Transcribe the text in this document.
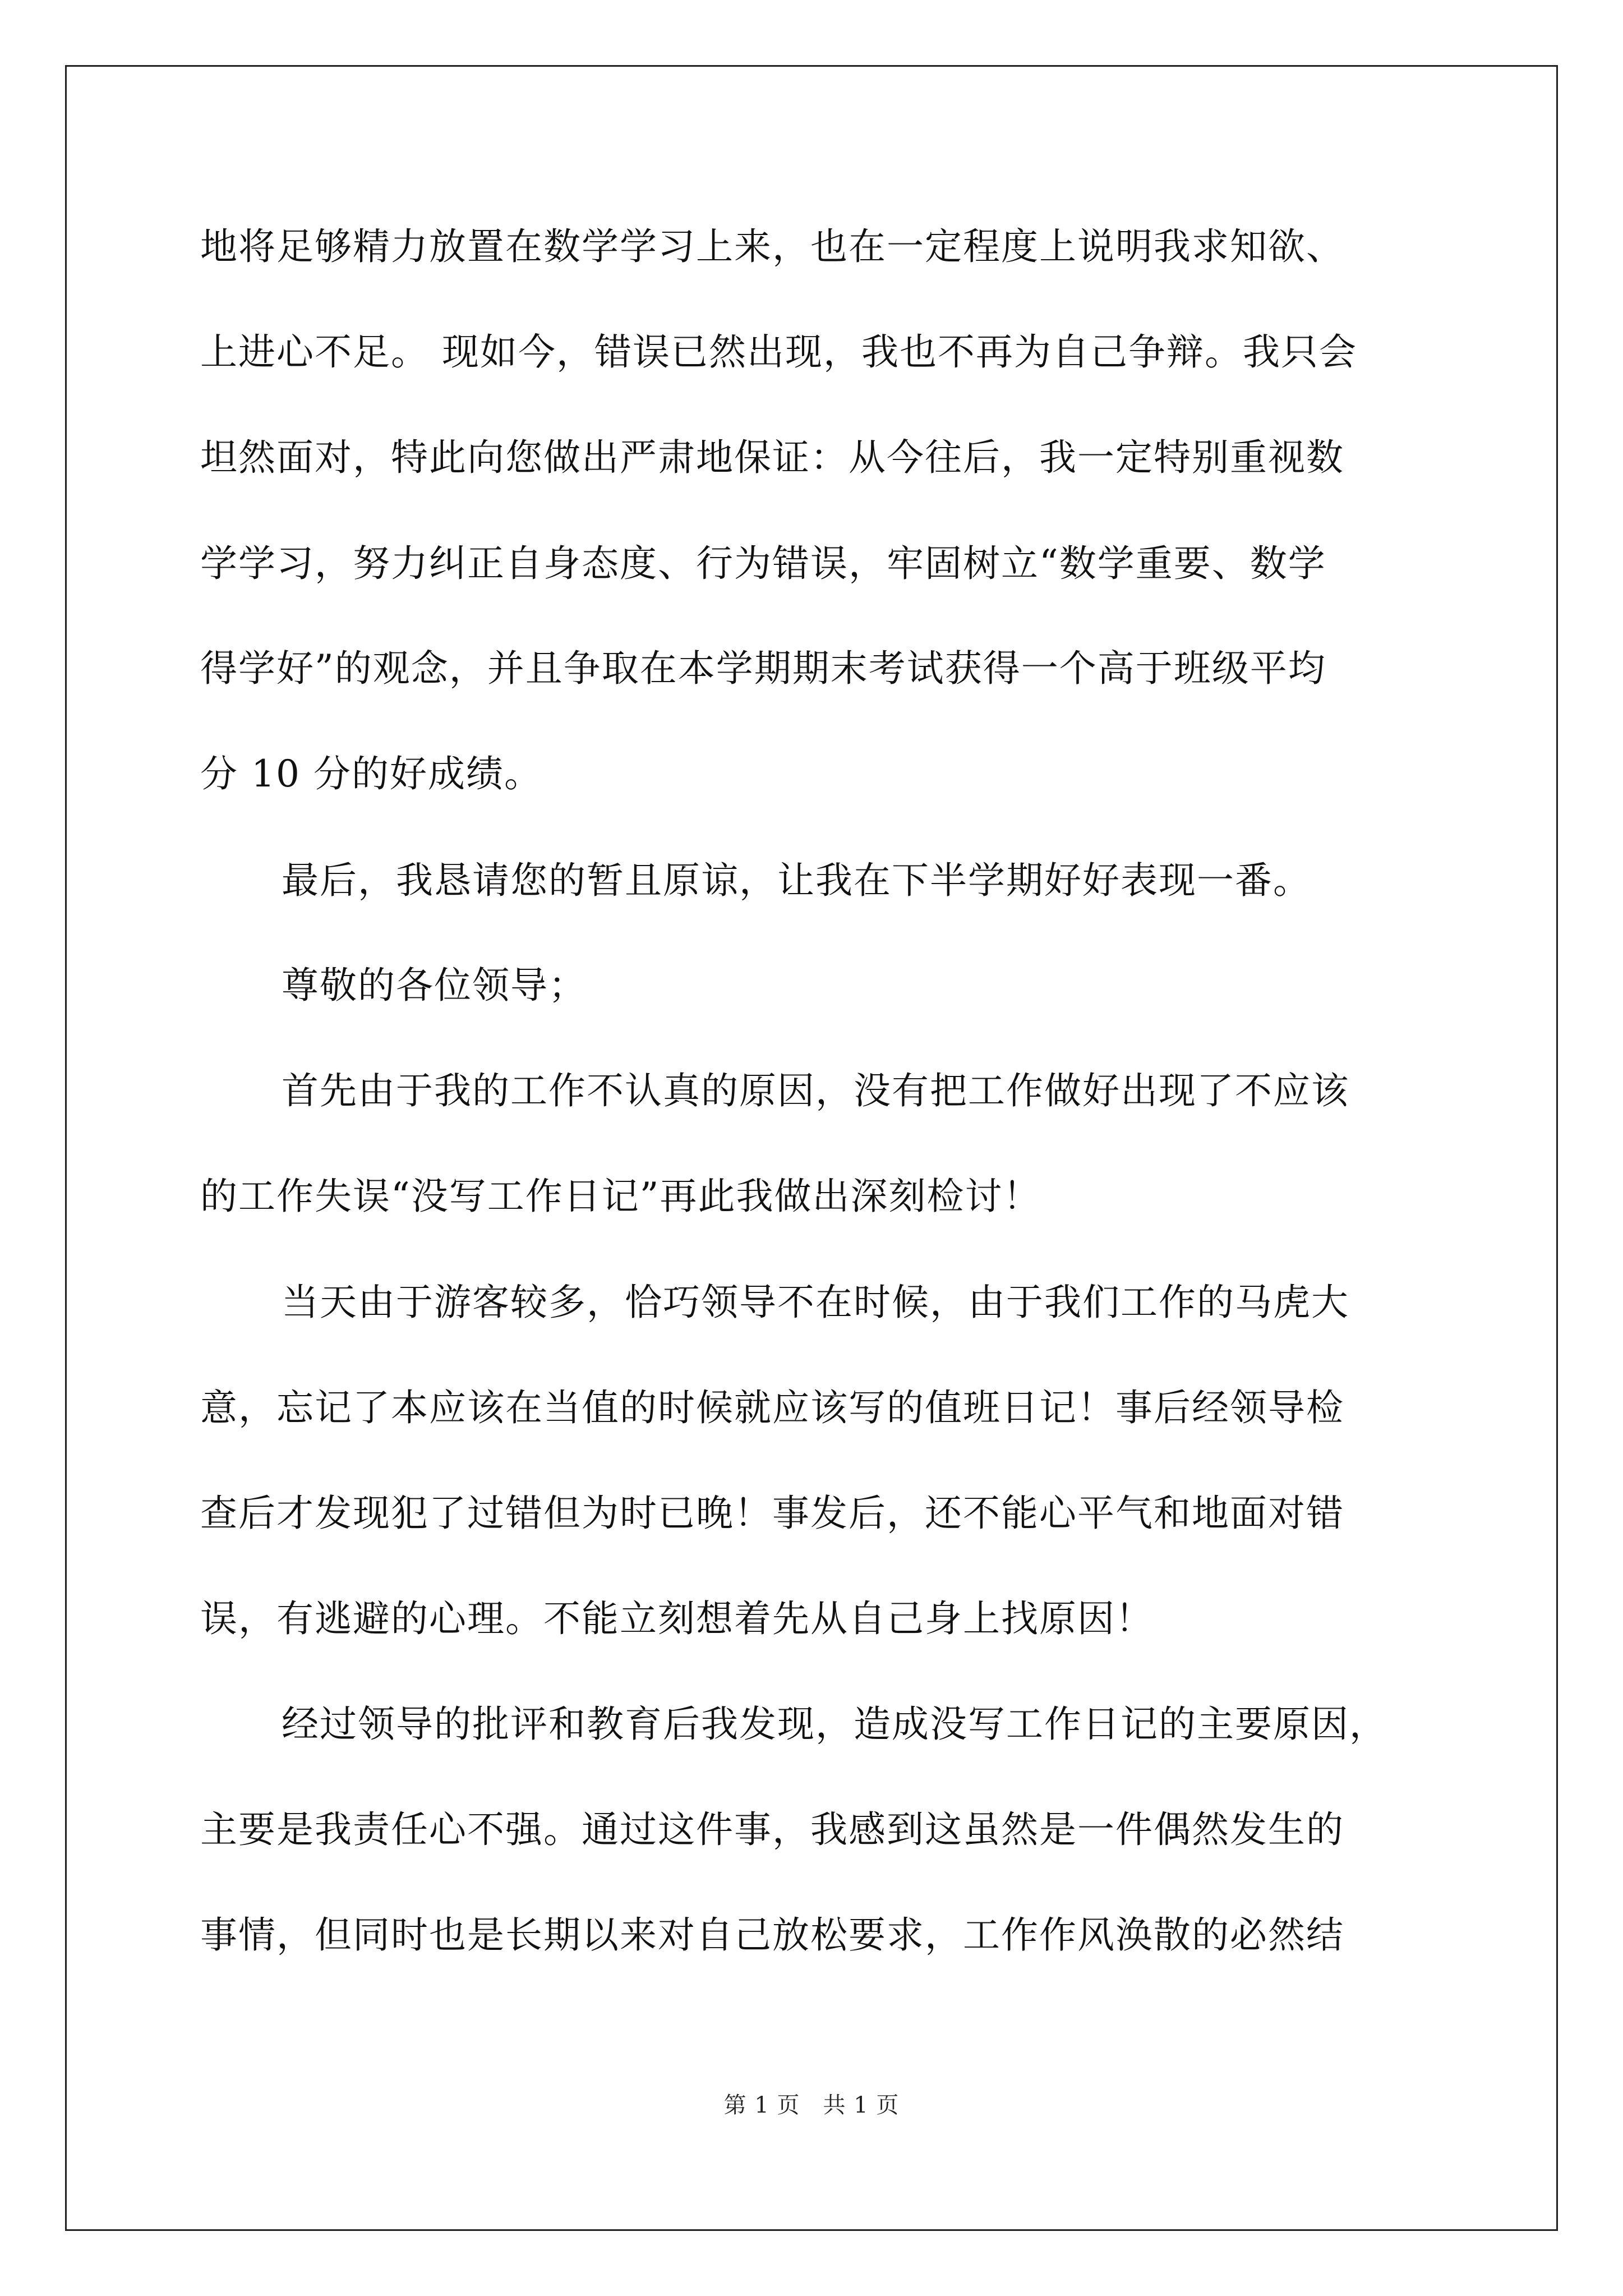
地将足够精力放置在数学学习上来，也在一定程度上说明我求知欲、
上进心不足。 现如今，错误已然出现，我也不再为自己争辩。我只会
坦然面对，特此向您做出严肃地保证：从今往后，我一定特别重视数
学学习，努力纠正自身态度、行为错误，牢固树立“数学重要、数学
得学好”的观念，并且争取在本学期期末考试获得一个高于班级平均
分 10 分的好成绩。
最后，我恳请您的暂且原谅，让我在下半学期好好表现一番。
尊敬的各位领导；
首先由于我的工作不认真的原因，没有把工作做好出现了不应该
的工作失误“没写工作日记”再此我做出深刻检讨！
当天由于游客较多，恰巧领导不在时候，由于我们工作的马虎大
意，忘记了本应该在当值的时候就应该写的值班日记！事后经领导检
查后才发现犯了过错但为时已晚！事发后，还不能心平气和地面对错
误，有逃避的心理。不能立刻想着先从自己身上找原因！
经过领导的批评和教育后我发现，造成没写工作日记的主要原因，
主要是我责任心不强。通过这件事，我感到这虽然是一件偶然发生的
事情，但同时也是长期以来对自己放松要求，工作作风涣散的必然结
第 1 页　共 1 页
